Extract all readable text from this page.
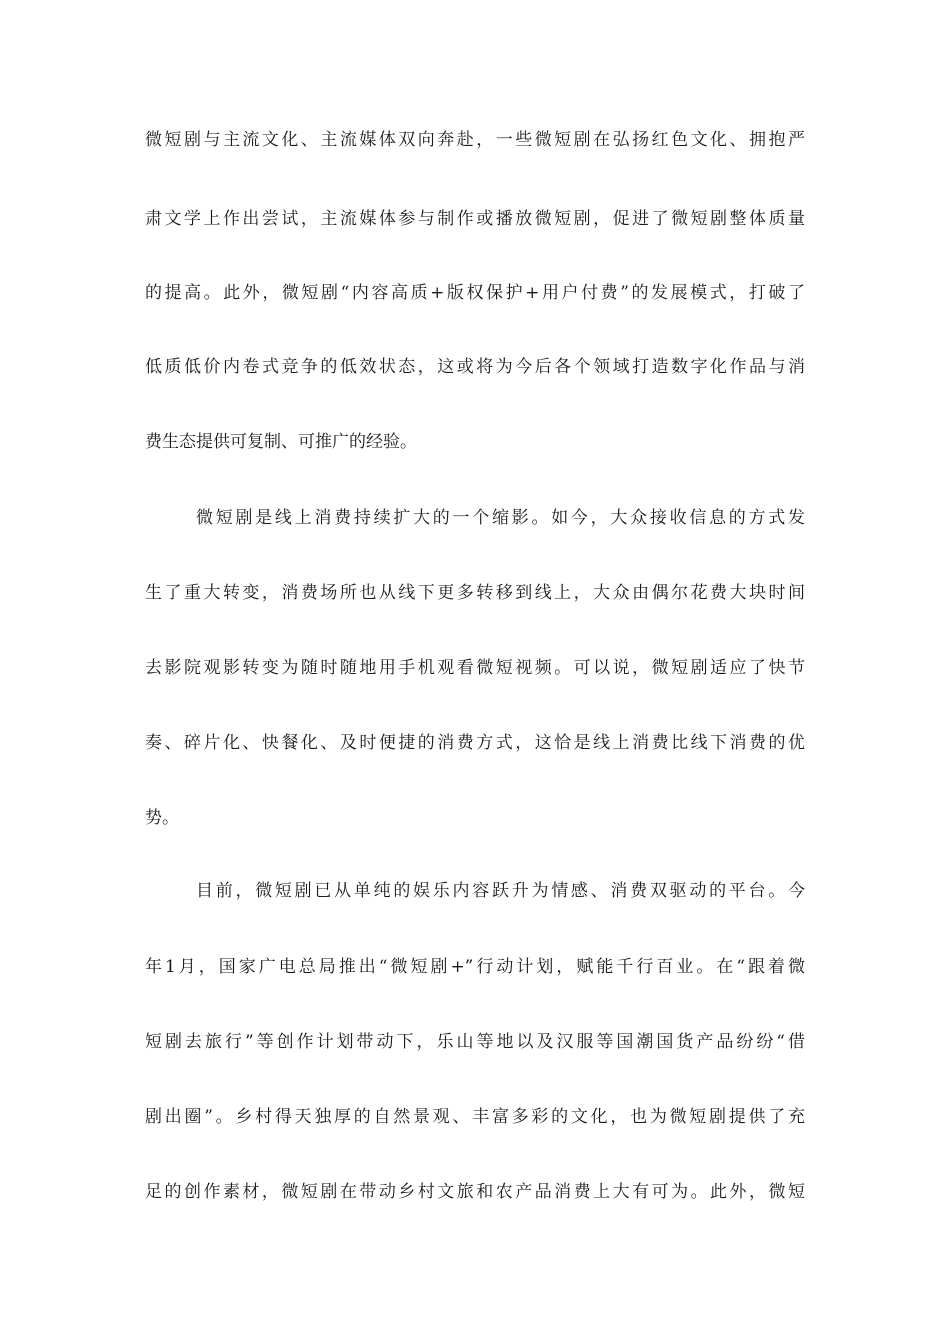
微短剧与主流文化、主流媒体双向奔赴，一些微短剧在弘扬红色文化、拥抱严
肃文学上作出尝试，主流媒体参与制作或播放微短剧，促进了微短剧整体质量
的提高。此外，微短剧“内容高质+版权保护+用户付费”的发展模式，打破了
低质低价内卷式竞争的低效状态，这或将为今后各个领域打造数字化作品与消
费生态提供可复制、可推广的经验。
微短剧是线上消费持续扩大的一个缩影。如今，大众接收信息的方式发
生了重大转变，消费场所也从线下更多转移到线上，大众由偶尔花费大块时间
去影院观影转变为随时随地用手机观看微短视频。可以说，微短剧适应了快节
奏、碎片化、快餐化、及时便捷的消费方式，这恰是线上消费比线下消费的优
势。
目前，微短剧已从单纯的娱乐内容跃升为情感、消费双驱动的平台。今
年1月，国家广电总局推出“微短剧+”行动计划，赋能千行百业。在“跟着微
短剧去旅行”等创作计划带动下，乐山等地以及汉服等国潮国货产品纷纷“借
剧出圈”。乡村得天独厚的自然景观、丰富多彩的文化，也为微短剧提供了充
足的创作素材，微短剧在带动乡村文旅和农产品消费上大有可为。此外，微短
